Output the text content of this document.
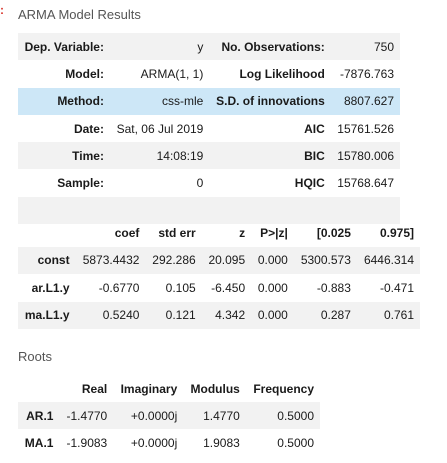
: ARMA Model Results
Dep. Variable:	y	No. Observations:	750
Model:	ARMA(1, 1)	Log Likelihood	-7876.763
Method:	css-mle	S.D. of innovations	8807.627
Date:	Sat, 06 Jul 2019	AIC	15761.526
Time:	14:08:19	BIC	15780.006
Sample:	0	HQIC	15768.647

	coef	std err	z	P>|z|	[0.025	0.975]
const	5873.4432	292.286	20.095	0.000	5300.573	6446.314
ar.L1.y	-0.6770	0.105	-6.450	0.000	-0.883	-0.471
ma.L1.y	0.5240	0.121	4.342	0.000	0.287	0.761
Roots
	Real	Imaginary	Modulus	Frequency
AR.1	-1.4770	+0.0000j	1.4770	0.5000
MA.1	-1.9083	+0.0000j	1.9083	0.5000
